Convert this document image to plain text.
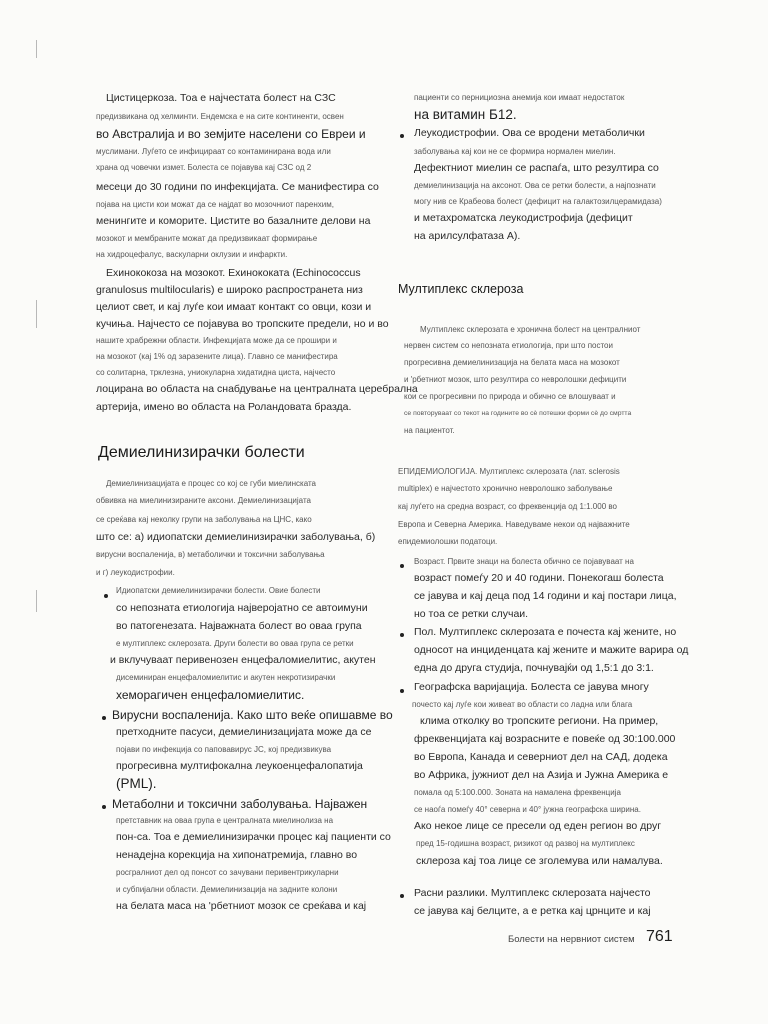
Цистицеркоза. Тоа е најчестата болест на СЗС
предизвикана од хелминти. Ендемска е на сите континенти, освен
во Австралија и во земјите населени со Евреи и
муслимани. Луѓето се инфицираат со контаминирана вода или
храна од човечки измет. Болеста се појавува кај СЗС од 2
месеци до 30 години по инфекцијата. Се манифестира со
појава на цисти кои можат да се најдат во мозочниот паренхим,
менингите и коморите. Цистите во базалните делови на
мозокот и мембраните можат да предизвикаат формирање
на хидроцефалус, васкуларни оклузии и инфаркти.
Ехинококоза на мозокот. Ехинококата (Echinococcus
granulosus multilocularis) е широко распространета низ
целиот свет, и кај луѓе кои имаат контакт со овци, кози и
кучиња. Најчесто се појавува во тропските предели, но и во
нашите храбрежни области. Инфекцијата може да се прошири и
на мозокот (кај 1% од заразените лица). Главно се манифестира
со солитарна, трклезна, униокуларна хидатидна циста, најчесто
лоцирана во областа на снабдување на централната церебрална
артерија, имено во областа на Роландовата бразда.
Демиелинизирачки болести
Демиелинизацијата е процес со кој се губи миелинската
обвивка на миелинизираните аксони. Демиелинизацијата
се среќава кај неколку групи на заболувања на ЦНС, како
што се: а) идиопатски демиелинизирачки заболувања, б)
вирусни воспаленија, в) метаболички и токсични заболувања
и г) леукодистрофии.
Идиопатски демиелинизирачки болести. Овие болести
со непозната етиологија најверојатно се автоимуни
во патогенезата. Најважната болест во оваа група
е мултиплекс склерозата. Други болести во оваа група се ретки
и вклучуваат перивенозен енцефаломиелитис, акутен
дисеминиран енцефаломиелитис и акутен некротизирачки
хеморагичен енцефаломиелитис.
Вирусни воспаленија. Како што веќе опишавме во
претходните пасуси, демиелинизацијата може да се
појави по инфекција со паповавирус JC, кој предизвикува
прогресивна мултифокална леукоенцефалопатија
(PML).
Метаболни и токсични заболувања. Најважен
претставник на оваа група е централната миелинолиза на
пон-са. Тоа е демиелинизирачки процес кај пациенти со
ненадејна корекција на хипонатремија, главно во
росгралниот дел од понсот со зачувани перивентрикуларни
и субпијални области. Демиелинизација на задните колони
на белата маса на 'рбетниот мозок се среќава и кај
пациенти со пернициозна анемија кои имаат недостаток
на витамин Б12.
Леукодистрофии. Ова се вродени метаболички
заболувања кај кои не се формира нормален миелин.
Дефектниот миелин се распаѓа, што резултира со
демиелинизација на аксонот. Ова се ретки болести, а најпознати
могу нив се Крабеова болест (дефицит на галактозилцерамидаза)
и метахроматска леукодистрофија (дефицит
на арилсулфатаза А).
Мултиплекс склероза
Мултиплекс склерозата е хронична болест на централниот
нервен систем со непозната етиологија, при што постои
прогресивна демиелинизација на белата маса на мозокот
и 'рбетниот мозок, што резултира со невролошки дефицити
кои се прогресивни по природа и обично се влошуваат и
се повторуваат со текот на годините во сè потешки форми сè до смртта
на пациентот.
ЕПИДЕМИОЛОГИЈА. Мултиплекс склерозата (лат. sclerosis
multiplex) е најчестото хронично невролошко заболување
кај луѓето на средна возраст, со фреквенција од 1:1.000 во
Европа и Северна Америка. Наведуваме некои од најважните
епидемиолошки податоци.
Возраст. Првите знаци на болеста обично се појавуваат на
возраст помеѓу 20 и 40 години. Понекогаш болеста
се јавува и кај деца под 14 години и кај постари лица,
но тоа се ретки случаи.
Пол. Мултиплекс склерозата е почеста кај жените, но
односот на инциденцата кај жените и мажите варира од
една до друга студија, почнувајќи од 1,5:1 до 3:1.
Географска варијација. Болеста се јавува многу
почесто кај луѓе кои живеат во области со ладна или блага
клима отколку во тропските региони. На пример,
фреквенцијата кај возрасните е повеќе од 30:100.000
во Европа, Канада и северниот дел на САД, додека
во Африка, јужниот дел на Азија и Јужна Америка е
помала од 5:100.000. Зоната на намалена фреквенција
се наоѓа помеѓу 40° северна и 40° јужна географска ширина.
Ако некое лице се пресели од еден регион во друг
пред 15-годишна возраст, ризикот од развој на мултиплекс
склероза кај тоа лице се зголемува или намалува.
Расни разлики. Мултиплекс склерозата најчесто
се јавува кај белците, а е ретка кај црнците и кај
Болести на нервниот систем 761
